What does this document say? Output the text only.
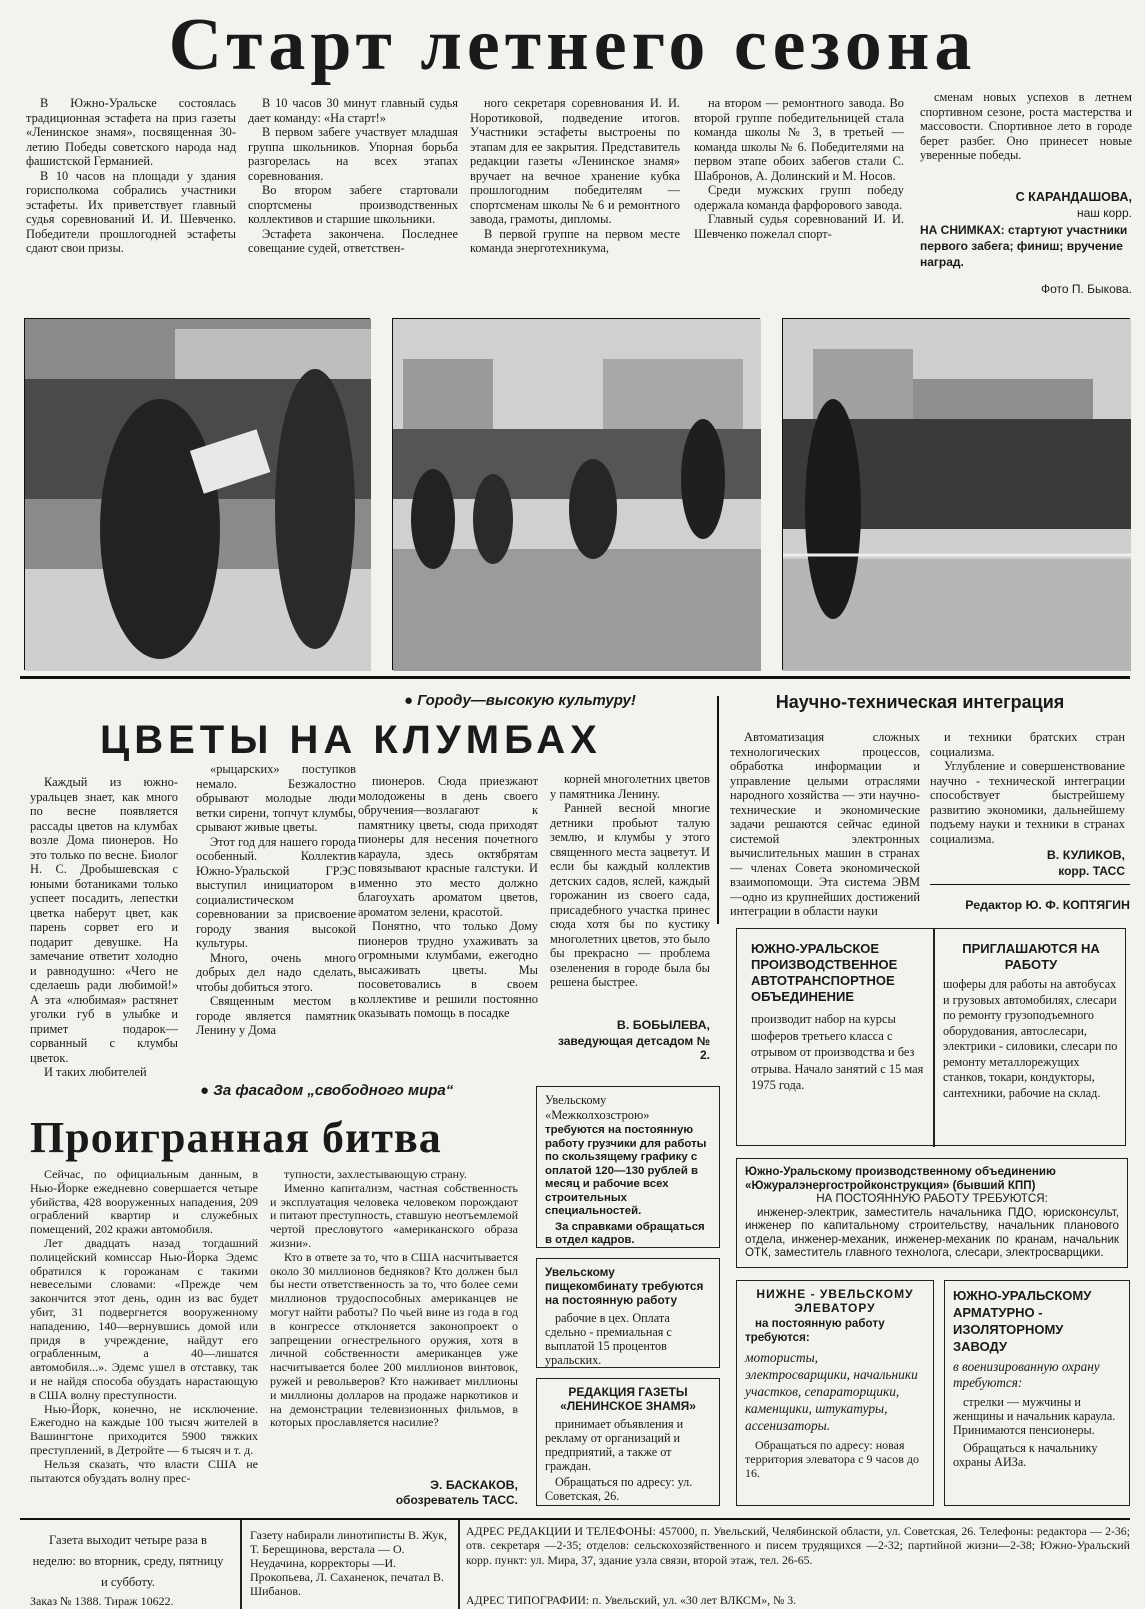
Старт летнего сезона

В Южно-Уральске состоялась традиционная эстафета на приз газеты «Ленинское знамя», посвященная 30-летию Победы советского народа над фашистской Германией.

В 10 часов на площади у здания горисполкома собрались участники эстафеты. Их приветствует главный судья соревнований И. И. Шевченко. Победители прошлогодней эстафеты сдают свои призы.

В 10 часов 30 минут главный судья дает команду: «На старт!»

В первом забеге участвует младшая группа школьников. Упорная борьба разгорелась на всех этапах соревнования.

Во втором забеге стартовали спортсмены производственных коллективов и старшие школьники.

Эстафета закончена. Последнее совещание судей, ответствен-

ного секретаря соревнования И. И. Норотиковой, подведение итогов. Участники эстафеты выстроены по этапам для ее закрытия. Представитель редакции газеты «Ленинское знамя» вручает на вечное хранение кубка прошлогодним победителям — спортсменам школы № 6 и ремонтного завода, грамоты, дипломы.

В первой группе на первом месте команда энерготехникума,

на втором — ремонтного завода. Во второй группе победительницей стала команда школы № 3, в третьей — команда школы № 6. Победителями на первом этапе обоих забегов стали С. Шабронов, А. Долинский и М. Носов.

Среди мужских групп победу одержала команда фарфорового завода.

Главный судья соревнований И. И. Шевченко пожелал спорт-

сменам новых успехов в летнем спортивном сезоне, роста мастерства и массовости. Спортивное лето в городе берет разбег. Оно принесет новые уверенные победы.
С КАРАНДАШОВА,
наш корр.
НА СНИМКАХ: стартуют участники первого забега; финиш; вручение наград.
Фото П. Быкова.
● Городу—высокую культуру!
ЦВЕТЫ НА КЛУМБАХ

Каждый из южно-уральцев знает, как много по весне появляется рассады цветов на клумбах возле Дома пионеров. Но это только по весне. Биолог Н. С. Дробышевская с юными ботаниками только успеет посадить, лепестки цветка наберут цвет, как парень сорвет его и подарит девушке. На замечание ответит холодно и равнодушно: «Чего не сделаешь ради любимой!» А эта «любимая» растянет уголки губ в улыбке и примет подарок—сорванный с клумбы цветок.

И таких любителей

«рыцарских» поступков немало. Безжалостно обрывают молодые люди ветки сирени, топчут клумбы, срывают живые цветы.

Этот год для нашего города особенный. Коллектив Южно-Уральской ГРЭС выступил инициатором в социалистическом соревновании за присвоение городу звания высокой культуры.

Много, очень много добрых дел надо сделать, чтобы добиться этого.

Священным местом в городе является памятник Ленину у Дома

пионеров. Сюда приезжают молодожены в день своего обручения—возлагают к памятнику цветы, сюда приходят пионеры для несения почетного караула, здесь октябрятам повязывают красные галстуки. И именно это место должно благоухать ароматом цветов, ароматом зелени, красотой.

Понятно, что только Дому пионеров трудно ухаживать за огромными клумбами, ежегодно высаживать цветы. Мы посоветовались в своем коллективе и решили постоянно оказывать помощь в посадке

корней многолетних цветов у памятника Ленину.

Ранней весной многие детники пробьют талую землю, и клумбы у этого священного места зацветут. И если бы каждый коллектив детских садов, яслей, каждый горожанин из своего сада, присадебного участка принес сюда хотя бы по кустику многолетних цветов, это было бы прекрасно — проблема озеленения в городе была бы решена быстрее.

В. БОБЫЛЕВА,
заведующая детсадом № 2.
Научно-техническая интеграция
Автоматизация сложных технологических процессов, обработка информации и управление целыми отраслями народного хозяйства — эти научно-технические и экономические задачи решаются сейчас единой системой электронных вычислительных машин в странах — членах Совета экономической взаимопомощи. Эта система ЭВМ—одно из крупнейших достижений интеграции в области науки

и техники братских стран социализма.

Углубление и совершенствование научно - технической интеграции способствует быстрейшему развитию экономики, дальнейшему подъему науки и техники в странах социализма.

В. КУЛИКОВ,
корр. ТАСС
Редактор Ю. Ф. КОПТЯГИН
ЮЖНО-УРАЛЬСКОЕ ПРОИЗВОДСТВЕННОЕ АВТОТРАНСПОРТНОЕ ОБЪЕДИНЕНИЕ
производит набор на курсы шоферов третьего класса с отрывом от производства и без отрыва. Начало занятий с 15 мая 1975 года.
ПРИГЛАШАЮТСЯ НА РАБОТУ
шоферы для работы на автобусах и грузовых автомобилях, слесари по ремонту грузоподъемного оборудования, автослесари, электрики - силовики, слесари по ремонту металлорежущих станков, токари, кондукторы, сантехники, рабочие на склад.
● За фасадом „свободного мира“
Проигранная битва

Сейчас, по официальным данным, в Нью-Йорке ежедневно совершается четыре убийства, 428 вооруженных нападения, 209 ограблений квартир и служебных помещений, 202 кражи автомобиля.

Лет двадцать назад тогдашний полицейский комиссар Нью-Йорка Эдемс обратился к горожанам с такими невеселыми словами: «Прежде чем закончится этот день, один из вас будет убит, 31 подвергнется вооруженному нападению, 140—вернувшись домой или придя в учреждение, найдут его ограбленным, а 40—лишатся автомобиля...». Эдемс ушел в отставку, так и не найдя способа обуздать нарастающую в США волну преступности.

Нью-Йорк, конечно, не исключение. Ежегодно на каждые 100 тысяч жителей в Вашингтоне приходится 5900 тяжких преступлений, в Детройте — 6 тысяч и т. д.

Нельзя сказать, что власти США не пытаются обуздать волну прес-

тупности, захлестывающую страну.

Именно капитализм, частная собственность и эксплуатация человека человеком порождают и питают преступность, ставшую неотъемлемой чертой пресловутого «американского образа жизни».

Кто в ответе за то, что в США насчитывается около 30 миллионов бедняков? Кто должен был бы нести ответственность за то, что более семи миллионов трудоспособных американцев не могут найти работы? По чьей вине из года в год в конгрессе отклоняется законопроект о запрещении огнестрельного оружия, хотя в личной собственности американцев уже насчитывается более 200 миллионов винтовок, ружей и револьверов? Кто наживает миллионы и миллионы долларов на продаже наркотиков и на демонстрации телевизионных фильмов, в которых прославляется насилие?

Э. БАСКАКОВ,
обозреватель ТАСС.
Увельскому «Межколхозстрою»
требуются на постоянную работу грузчики для работы по скользящему графику с оплатой 120—130 рублей в месяц и рабочие всех строительных специальностей.
За справками обращаться в отдел кадров.
Увельскому пищекомбинату требуются на постоянную работу
рабочие в цех. Оплата сдельно - премиальная с выплатой 15 процентов уральских.
РЕДАКЦИЯ ГАЗЕТЫ «ЛЕНИНСКОЕ ЗНАМЯ»
принимает объявления и рекламу от организаций и предприятий, а также от граждан.
Обращаться по адресу: ул. Советская, 26.
Южно-Уральскому производственному объединению «Южуралэнергостройконструкция» (бывший КПП)
НА ПОСТОЯННУЮ РАБОТУ ТРЕБУЮТСЯ:
инженер-электрик, заместитель начальника ПДО, юрисконсульт, инженер по капитальному строительству, начальник планового отдела, инженер-механик, инженер-механик по кранам, начальник ОТК, заместитель главного технолога, слесари, электросварщики.
НИЖНЕ - УВЕЛЬСКОМУ ЭЛЕВАТОРУ
на постоянную работу требуются:
мотористы, электросварщики, начальники участков, сепараторщики, каменщики, штукатуры, ассенизаторы.
Обращаться по адресу: новая территория элеватора с 9 часов до 16.
ЮЖНО-УРАЛЬСКОМУ АРМАТУРНО - ИЗОЛЯТОРНОМУ ЗАВОДУ
в военизированную охрану требуются:
стрелки — мужчины и женщины и начальник караула. Принимаются пенсионеры.
Обращаться к начальнику охраны АИЗа.
Газета выходит четыре раза в неделю: во вторник, среду, пятницу и субботу.
Заказ № 1388. Тираж 10622.
Газету набирали линотиписты В. Жук, Т. Берещинова, верстала — О. Неудачина, корректоры —И. Прокопьева, Л. Саханенок, печатал В. Шибанов.
АДРЕС РЕДАКЦИИ И ТЕЛЕФОНЫ: 457000, п. Увельский, Челябинской области, ул. Советская, 26. Телефоны: редактора — 2-36; отв. секретаря —2-35; отделов: сельскохозяйственного и писем трудящихся —2-32; партийной жизни—2-38; Южно-Уральский корр. пункт: ул. Мира, 37, здание узла связи, второй этаж, тел. 26-65.
АДРЕС ТИПОГРАФИИ: п. Увельский, ул. «30 лет ВЛКСМ», № 3.
